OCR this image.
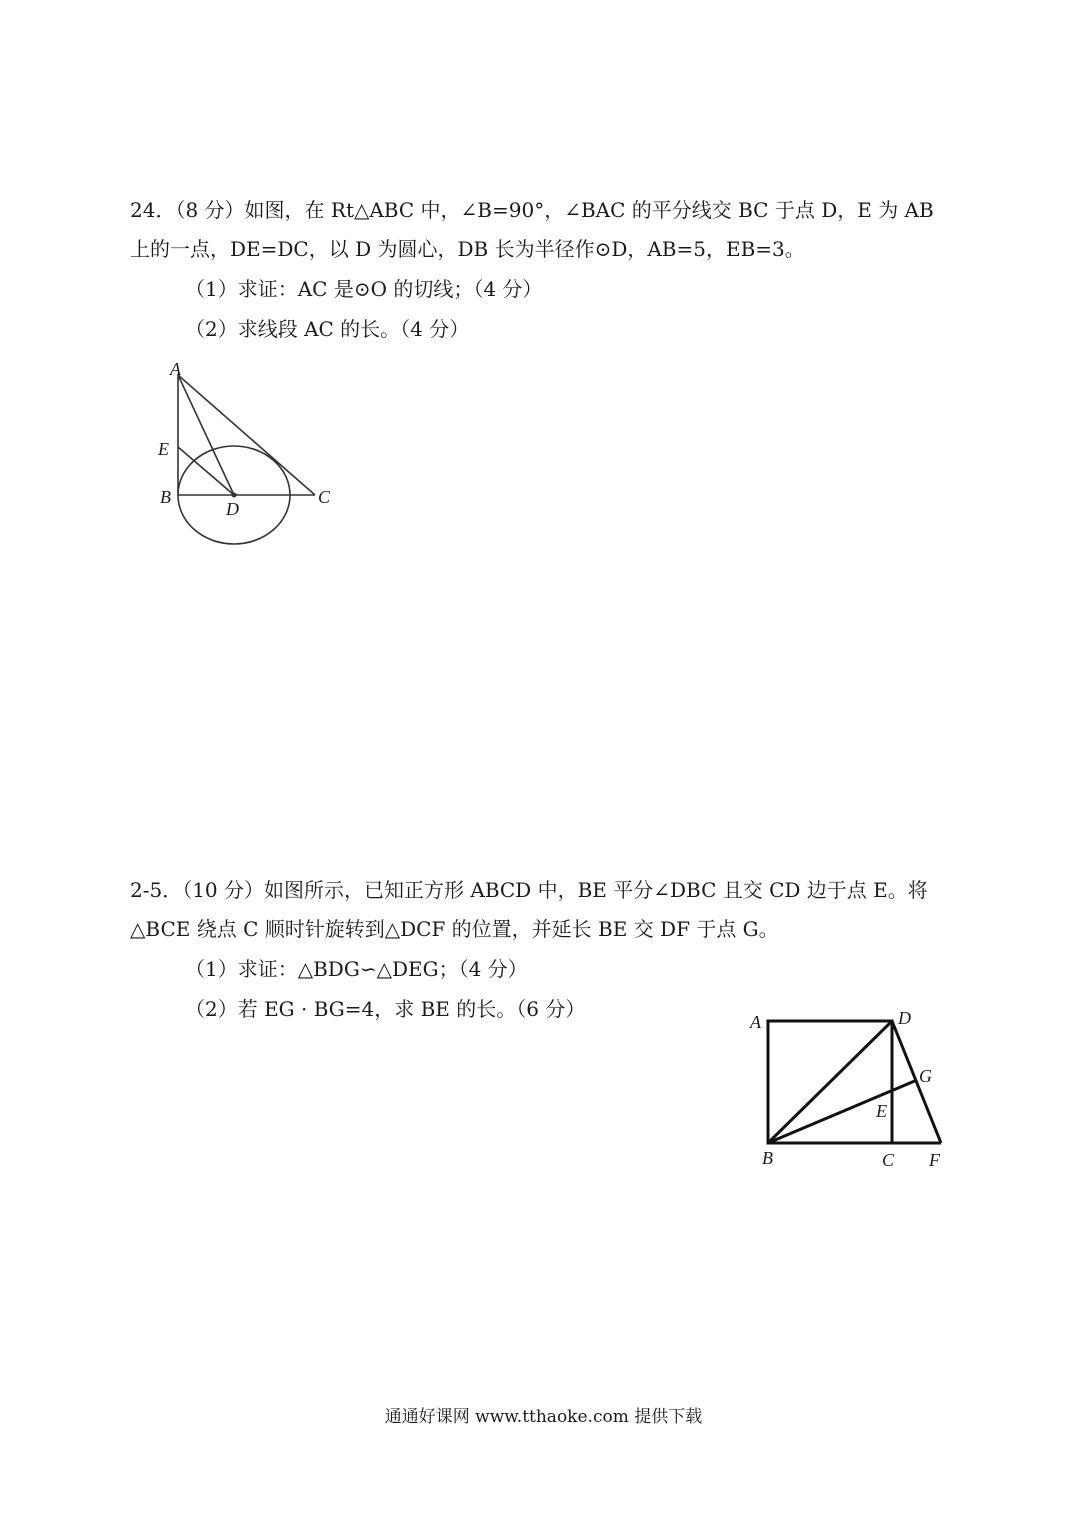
24．（8 分）如图，在 Rt△ABC 中，∠B=90°，∠BAC 的平分线交 BC 于点 D，E 为 AB
上的一点，DE=DC，以 D 为圆心，DB 长为半径作⊙D，AB=5，EB=3。
（1）求证：AC 是⊙O 的切线；（4 分）
（2）求线段 AC 的长。（4 分）
A
E
B
D
C
2-5．（10 分）如图所示，已知正方形 ABCD 中，BE 平分∠DBC 且交 CD 边于点 E。将
△BCE 绕点 C 顺时针旋转到△DCF 的位置，并延长 BE 交 DF 于点 G。
（1）求证：△BDG∽△DEG；（4 分）
（2）若 EG · BG=4，求 BE 的长。（6 分）
A	D
G
E
B	C F
通通好课网 www.tthaoke.com 提供下载
